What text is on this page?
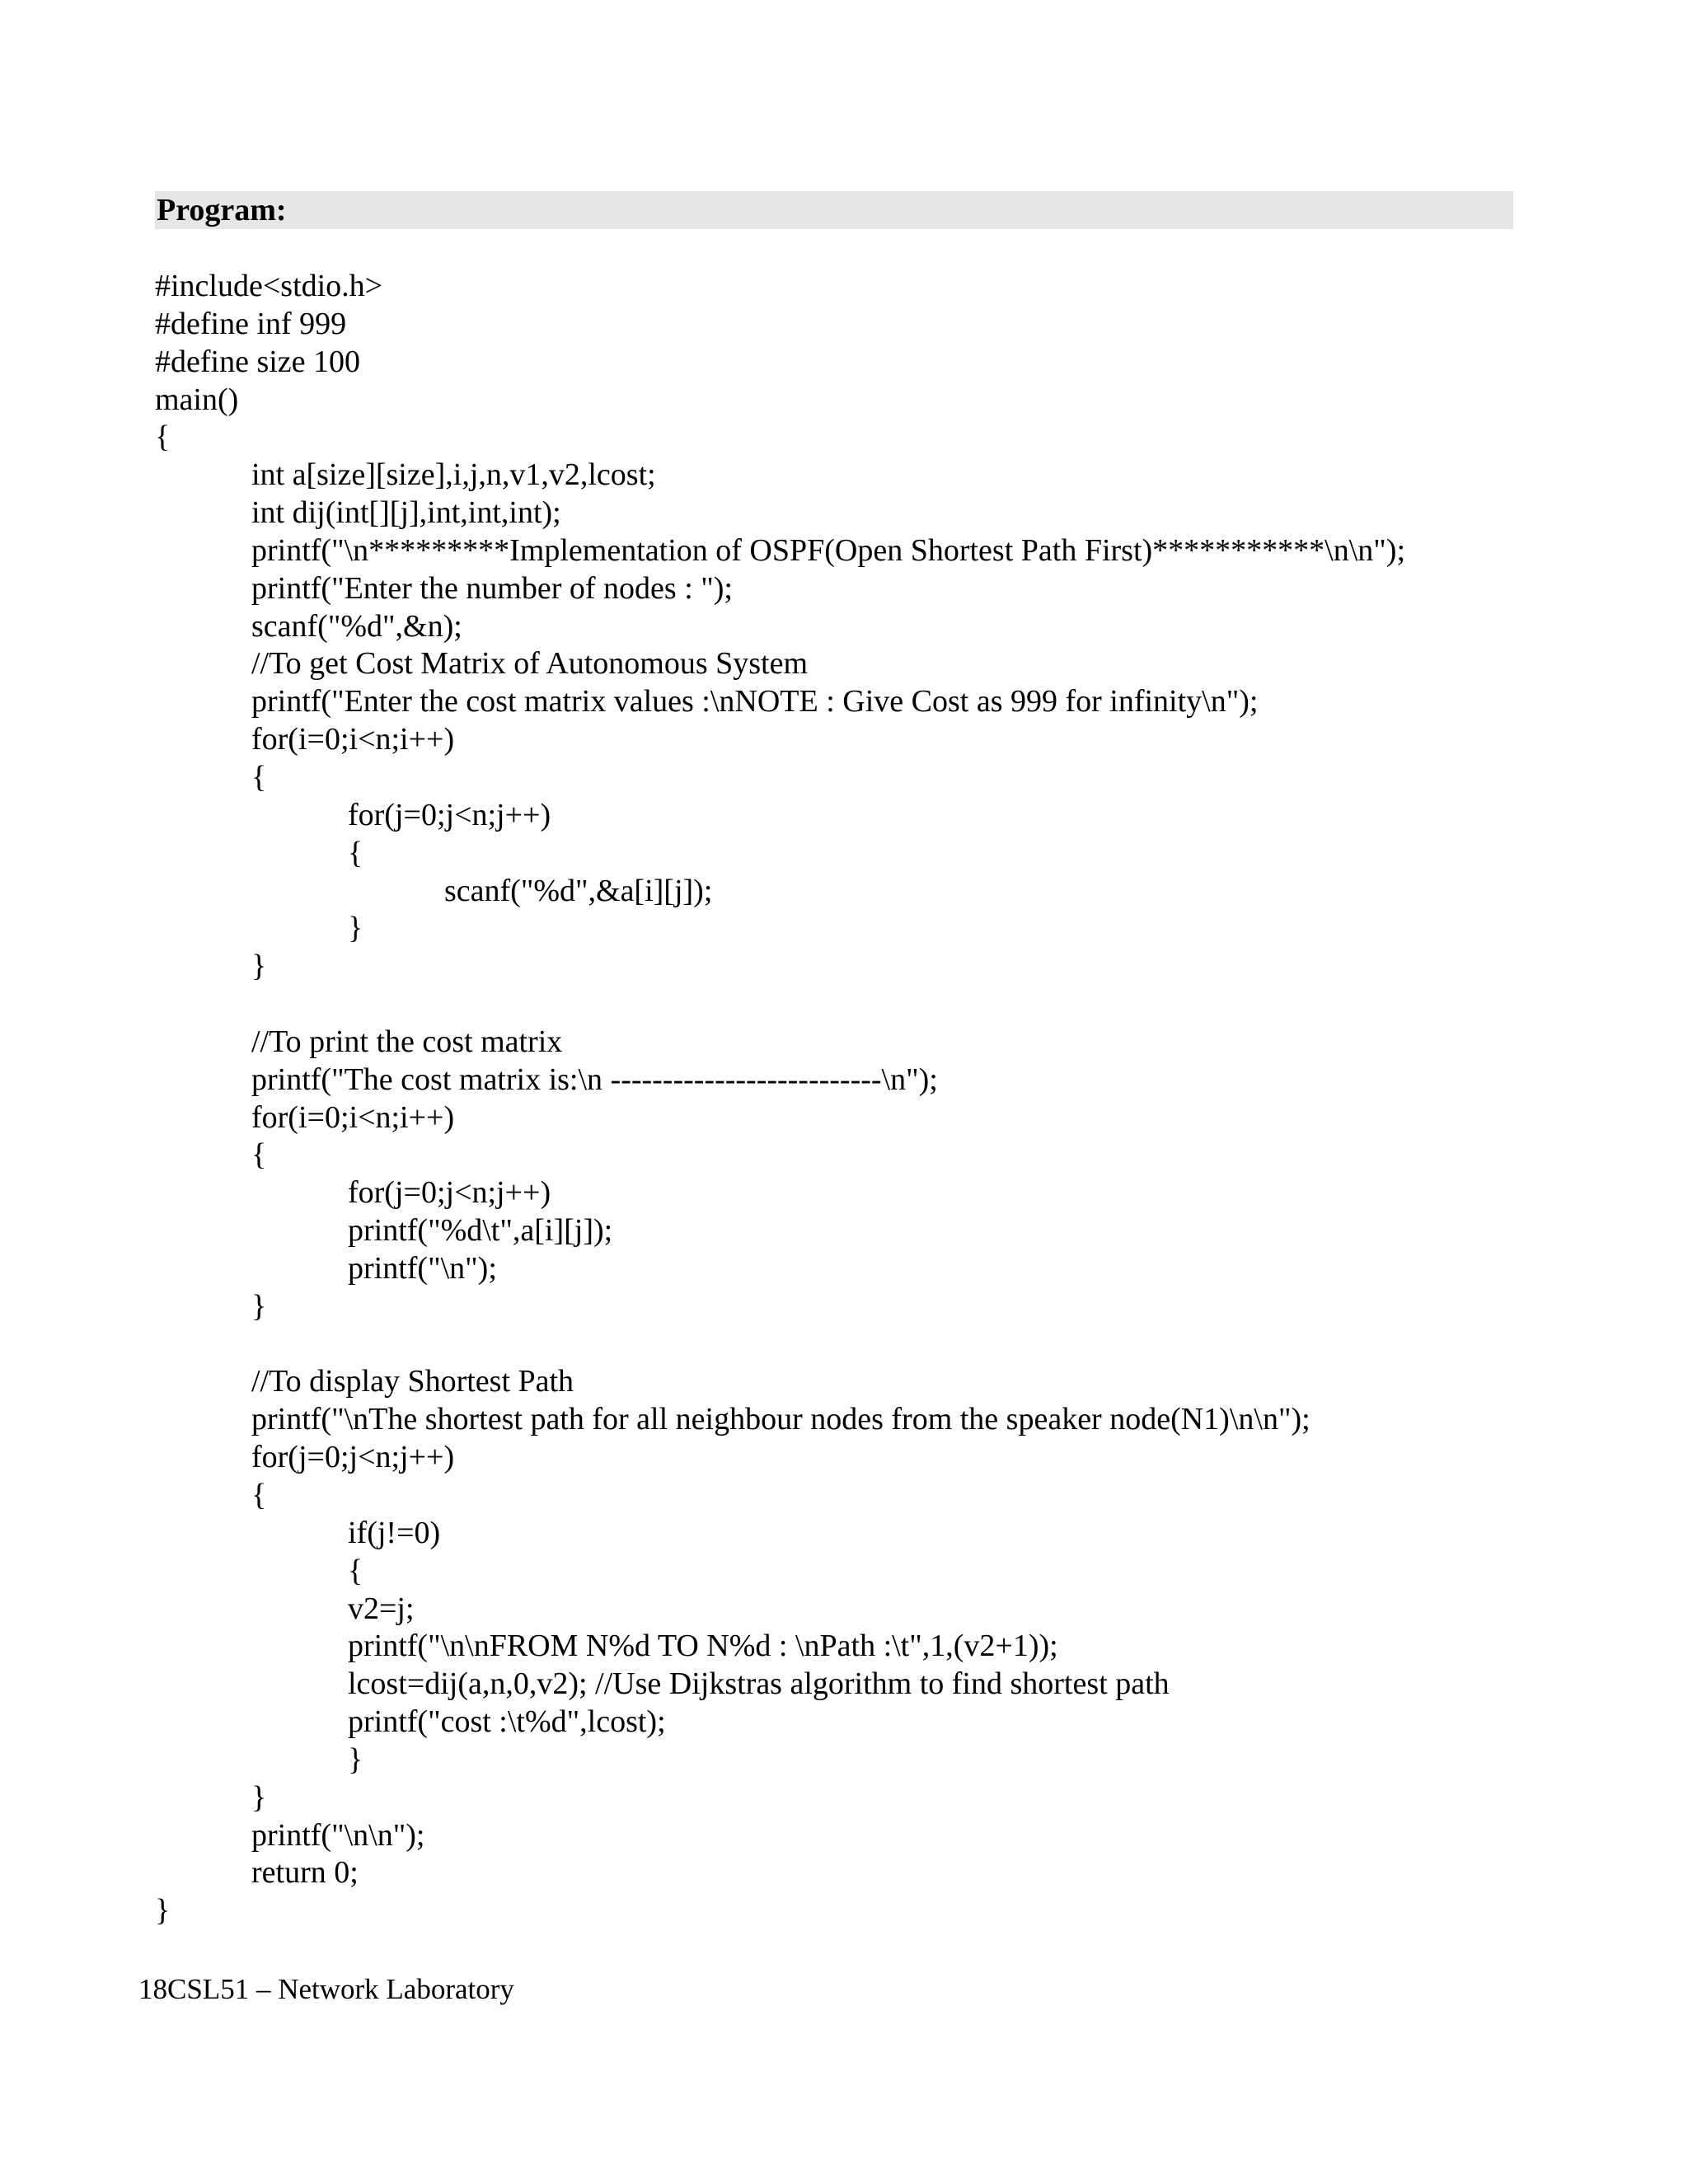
Program:
#include<stdio.h>
#define inf 999
#define size 100
main()
{
int a[size][size],i,j,n,v1,v2,lcost;
int dij(int[][j],int,int,int);
printf("\n*********Implementation of OSPF(Open Shortest Path First)***********\n\n");
printf("Enter the number of nodes : ");
scanf("%d",&n);
//To get Cost Matrix of Autonomous System
printf("Enter the cost matrix values :\nNOTE : Give Cost as 999 for infinity\n");
for(i=0;i<n;i++)
{
for(j=0;j<n;j++)
{
scanf("%d",&a[i][j]);
}
}
//To print the cost matrix
printf("The cost matrix is:\n --------------------------\n");
for(i=0;i<n;i++)
{
for(j=0;j<n;j++)
printf("%d\t",a[i][j]);
printf("\n");
}
//To display Shortest Path
printf("\nThe shortest path for all neighbour nodes from the speaker node(N1)\n\n");
for(j=0;j<n;j++)
{
if(j!=0)
{
v2=j;
printf("\n\nFROM N%d TO N%d : \nPath :\t",1,(v2+1));
lcost=dij(a,n,0,v2); //Use Dijkstras algorithm to find shortest path
printf("cost :\t%d",lcost);
}
}
printf("\n\n");
return 0;
}
18CSL51 – Network Laboratory
